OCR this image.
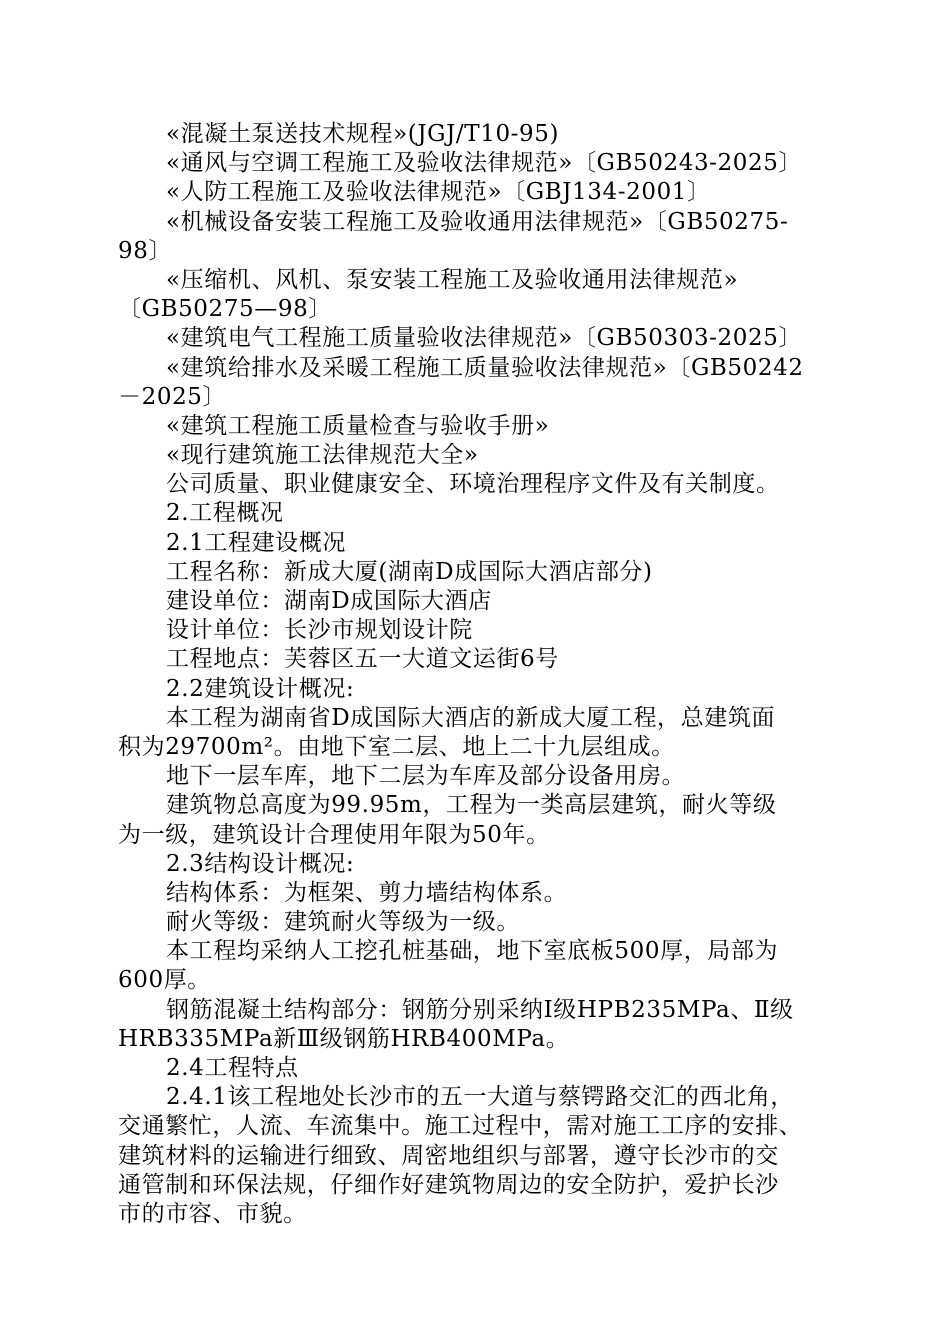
«混凝土泵送技术规程»(JGJ/T10-95)
«通风与空调工程施工及验收法律规范»〔GB50243-2025〕
«人防工程施工及验收法律规范»〔GBJ134-2001〕
«机械设备安装工程施工及验收通用法律规范»〔GB50275-
98〕
«压缩机、风机、泵安装工程施工及验收通用法律规范»
〔GB50275—98〕
«建筑电气工程施工质量验收法律规范»〔GB50303-2025〕
«建筑给排水及采暖工程施工质量验收法律规范»〔GB50242
－2025〕
«建筑工程施工质量检查与验收手册»
«现行建筑施工法律规范大全»
公司质量、职业健康安全、环境治理程序文件及有关制度。
2.工程概况
2.1工程建设概况
工程名称：新成大厦(湖南D成国际大酒店部分)
建设单位：湖南D成国际大酒店
设计单位：长沙市规划设计院
工程地点：芙蓉区五一大道文运街6号
2.2建筑设计概况:
本工程为湖南省D成国际大酒店的新成大厦工程，总建筑面
积为29700m²。由地下室二层、地上二十九层组成。
地下一层车库，地下二层为车库及部分设备用房。
建筑物总高度为99.95m，工程为一类高层建筑，耐火等级
为一级，建筑设计合理使用年限为50年。
2.3结构设计概况:
结构体系：为框架、剪力墙结构体系。
耐火等级：建筑耐火等级为一级。
本工程均采纳人工挖孔桩基础，地下室底板500厚，局部为
600厚。
钢筋混凝土结构部分：钢筋分别采纳Ⅰ级HPB235MPa、Ⅱ级
HRB335MPa新Ⅲ级钢筋HRB400MPa。
2.4工程特点
2.4.1该工程地处长沙市的五一大道与蔡锷路交汇的西北角，
交通繁忙，人流、车流集中。施工过程中，需对施工工序的安排、
建筑材料的运输进行细致、周密地组织与部署，遵守长沙市的交
通管制和环保法规，仔细作好建筑物周边的安全防护，爱护长沙
市的市容、市貌。
